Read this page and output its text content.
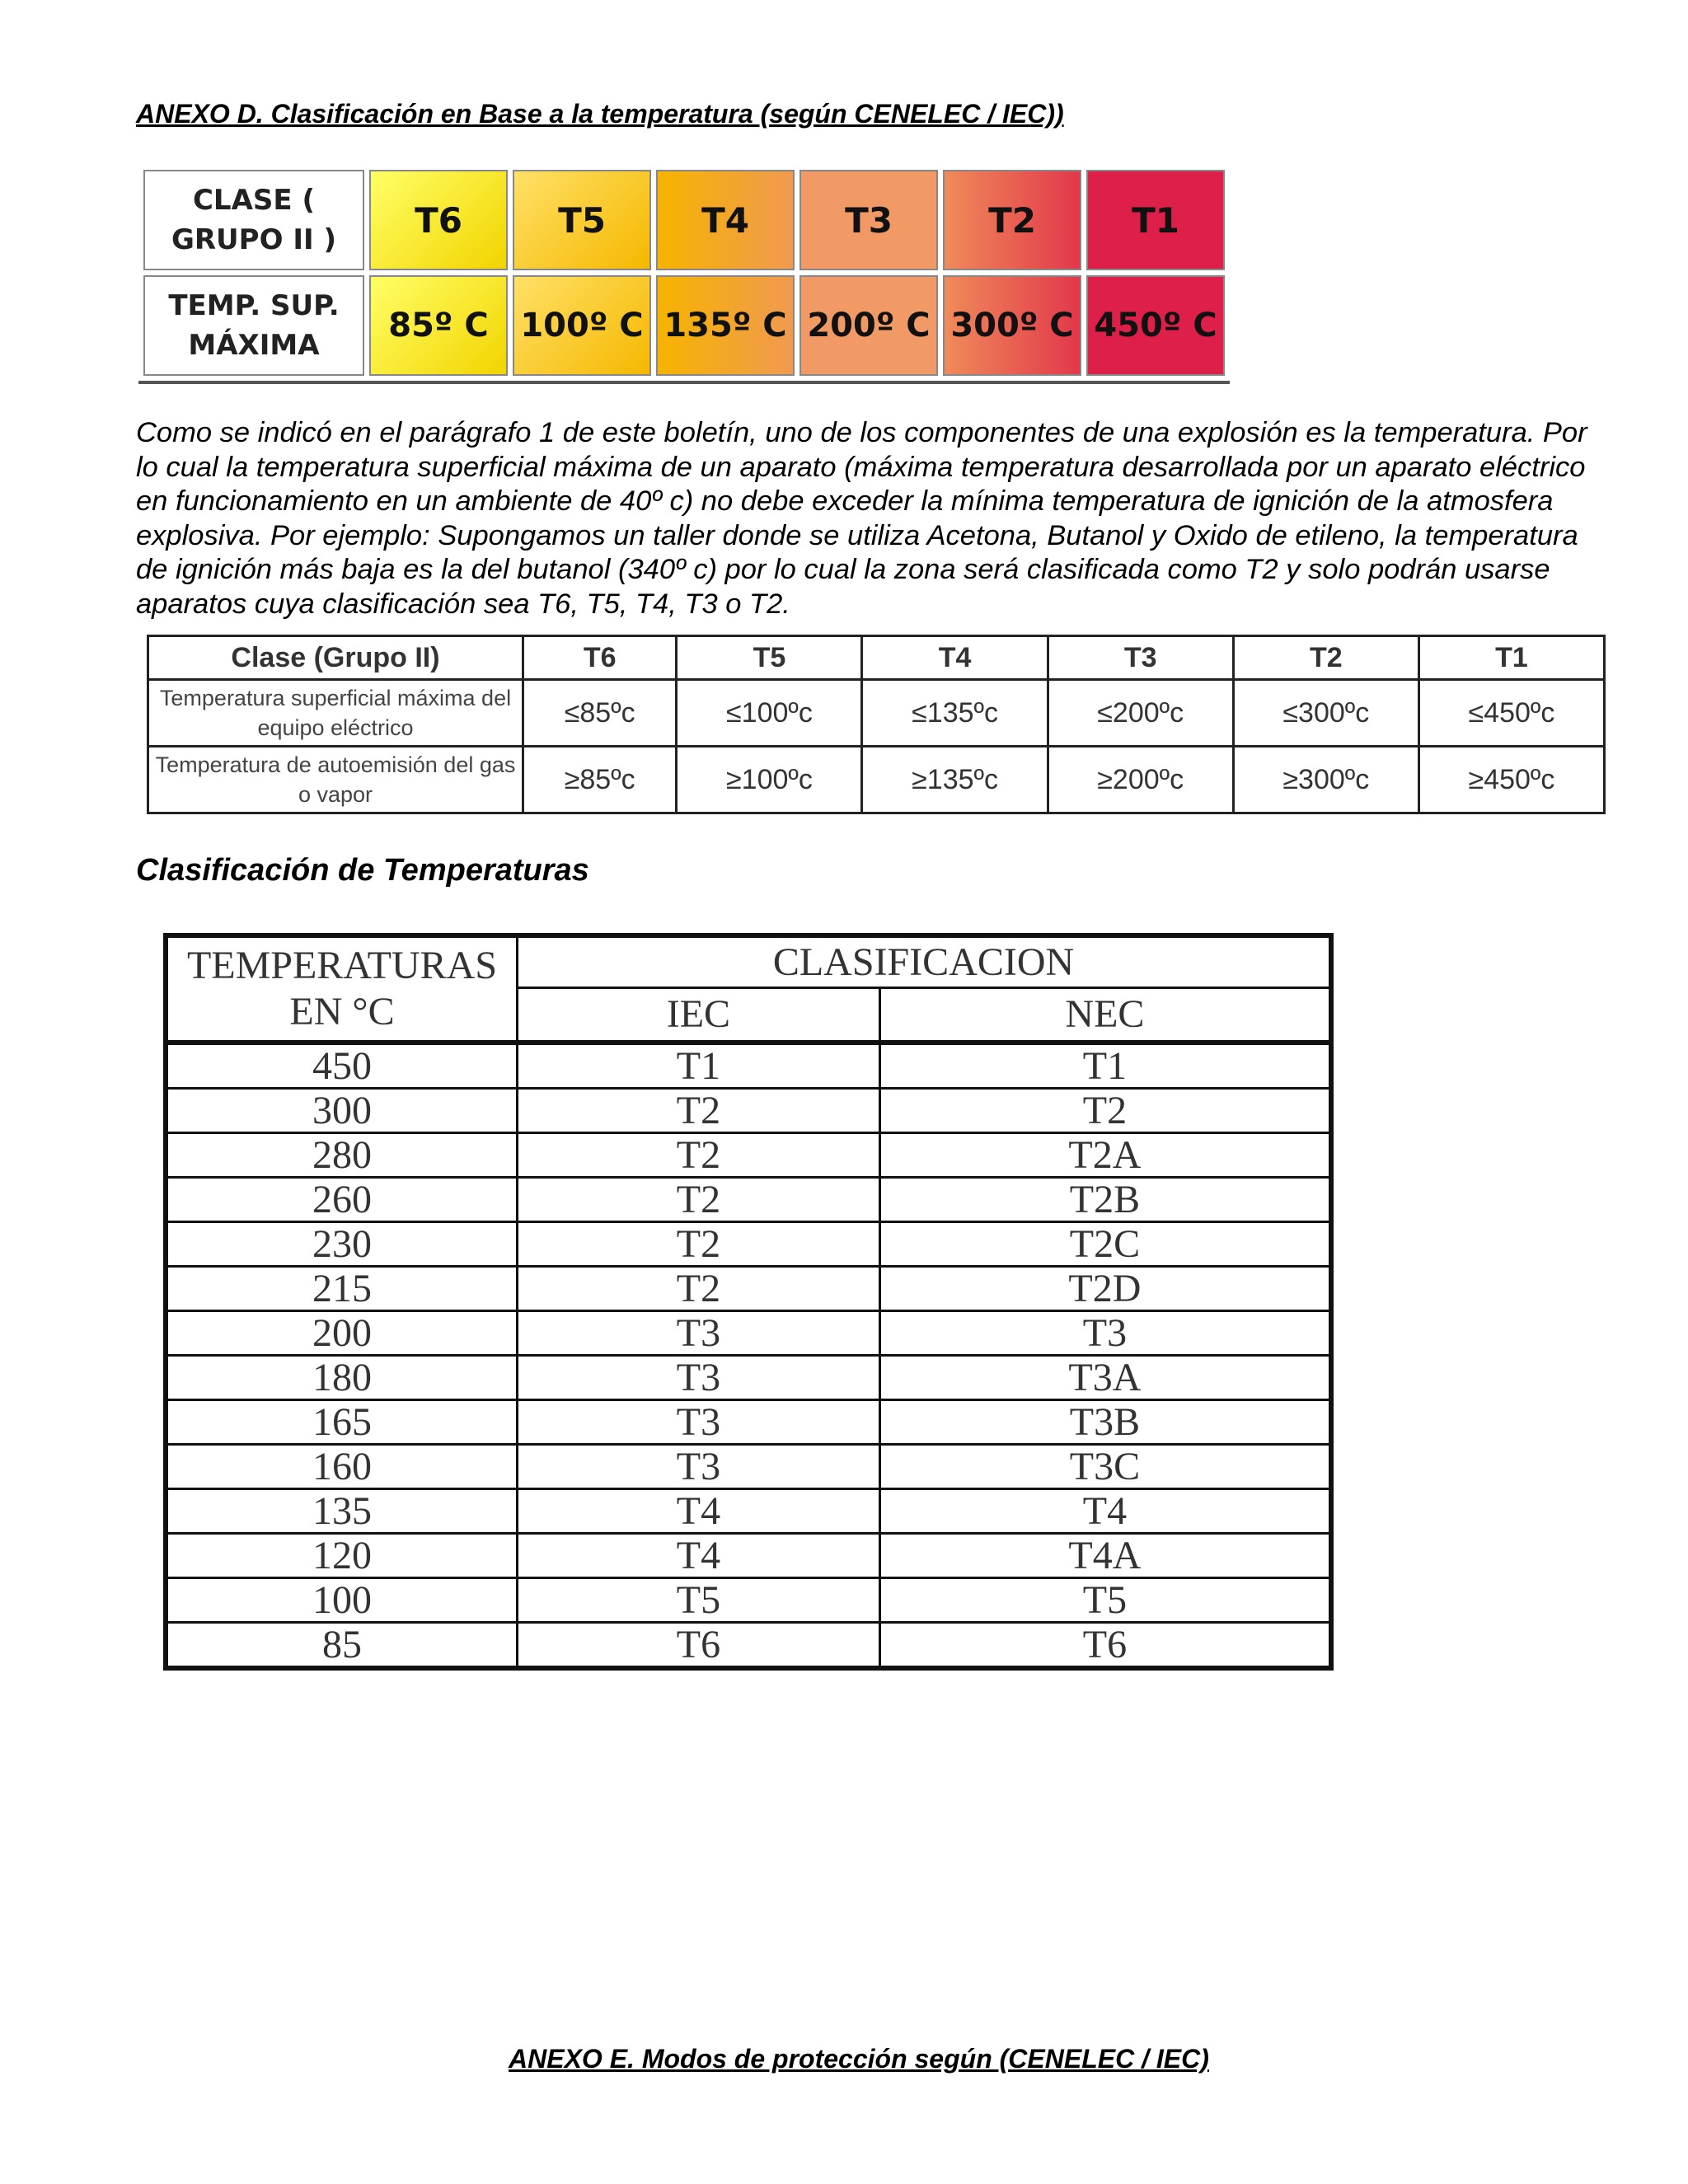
ANEXO D. Clasificación en Base a la temperatura (según CENELEC / IEC))
CLASE ( GRUPO II )	T6	T5	T4	T3	T2	T1
TEMP. SUP. MÁXIMA	85º C	100º C	135º C	200º C	300º C	450º C
Como se indicó en el parágrafo 1 de este boletín, uno de los componentes de una explosión es la temperatura. Por lo cual la temperatura superficial máxima de un aparato (máxima temperatura desarrollada por un aparato eléctrico en funcionamiento en un ambiente de 40º c) no debe exceder la mínima temperatura de ignición de la atmosfera explosiva. Por ejemplo: Supongamos un taller donde se utiliza Acetona, Butanol y Oxido de etileno, la temperatura de ignición más baja es la del butanol (340º c) por lo cual la zona será clasificada como T2 y solo podrán usarse aparatos cuya clasificación sea T6, T5, T4, T3 o T2.
Clase (Grupo II)	T6	T5	T4	T3	T2	T1
Temperatura superficial máxima del equipo eléctrico	≤85ºc	≤100ºc	≤135ºc	≤200ºc	≤300ºc	≤450ºc
Temperatura de autoemisión del gas o vapor	≥85ºc	≥100ºc	≥135ºc	≥200ºc	≥300ºc	≥450ºc
Clasificación de Temperaturas
TEMPERATURAS EN °C	CLASIFICACION	
	IEC	NEC
450	T1	T1
300	T2	T2
280	T2	T2A
260	T2	T2B
230	T2	T2C
215	T2	T2D
200	T3	T3
180	T3	T3A
165	T3	T3B
160	T3	T3C
135	T4	T4
120	T4	T4A
100	T5	T5
85	T6	T6
ANEXO E. Modos de protección según (CENELEC / IEC)
